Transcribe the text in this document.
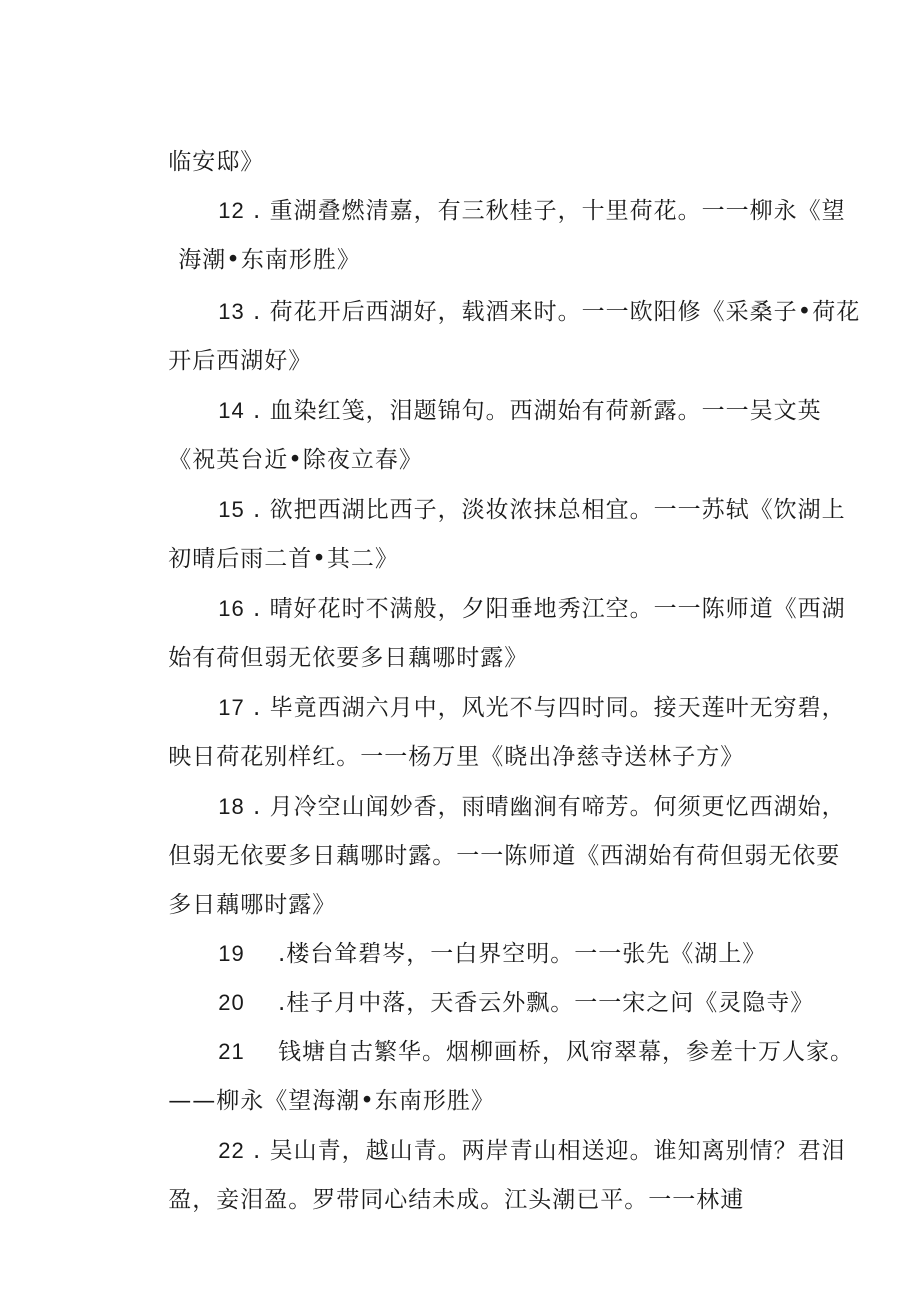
临安邸》

12 . 重湖叠燃清嘉，有三秋桂子，十里荷花。一一柳永《望

海潮•东南形胜》

13 . 荷花开后西湖好，载酒来时。一一欧阳修《采桑子•荷花

开后西湖好》

14 . 血染红笺，泪题锦句。西湖始有荷新露。一一吴文英

《祝英台近•除夜立春》

15 . 欲把西湖比西子，淡妆浓抹总相宜。一一苏轼《饮湖上

初晴后雨二首•其二》

16 . 晴好花时不满般，夕阳垂地秀江空。一一陈师道《西湖

始有荷但弱无依要多日藕哪时露》

17 . 毕竟西湖六月中，风光不与四时同。接天莲叶无穷碧，

映日荷花别样红。一一杨万里《晓出净慈寺送林子方》

18 . 月冷空山闻妙香，雨晴幽涧有啼芳。何须更忆西湖始，

但弱无依要多日藕哪时露。一一陈师道《西湖始有荷但弱无依要

多日藕哪时露》

19    .楼台耸碧岑，一白界空明。一一张先《湖上》

20    .桂子月中落，天香云外飘。一一宋之问《灵隐寺》

21    钱塘自古繁华。烟柳画桥，风帘翠幕，参差十万人家。

——柳永《望海潮•东南形胜》

22 . 吴山青，越山青。两岸青山相送迎。谁知离别情？君泪

盈，妾泪盈。罗带同心结未成。江头潮已平。一一林逋
